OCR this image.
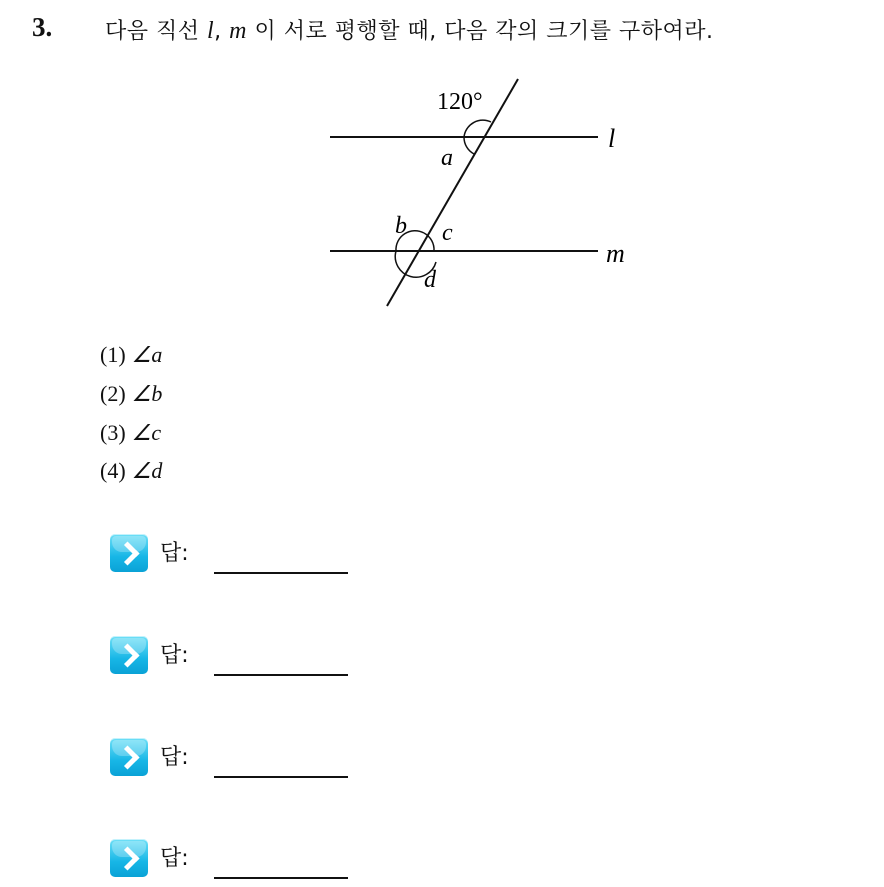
3. 다음 직선 l, m 이 서로 평행할 때, 다음 각의 크기를 구하여라.
120°
l
m
a
b c
d
(1) ∠a
(2) ∠b
(3) ∠c
(4) ∠d
답:
답:
답:
답:
